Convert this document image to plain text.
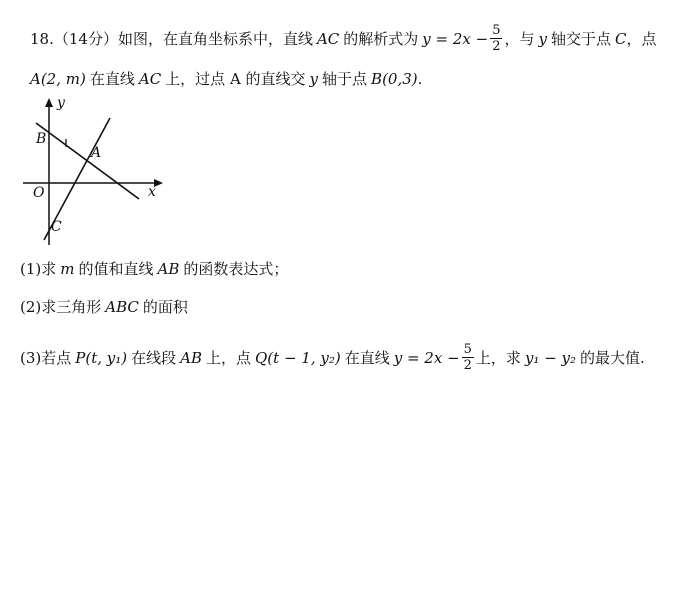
18.（14分）如图，在直角坐标系中，直线 AC 的解析式为 $y = 2x - \frac{5}{2}$ ，与 y 轴交于点 C ，点
A(2, m) 在直线 AC 上，过点 A 的直线交 y 轴于点 B(0,3) .
y
x
O
B
A
C
(1)求 m 的值和直线 AB 的函数表达式；
(2)求三角形 ABC 的面积
(3)若点 P(t, y₁) 在线段 AB 上，点 Q(t − 1, y₂) 在直线 $y = 2x - \frac{5}{2}$ 上，求 y₁ − y₂ 的最大值.
